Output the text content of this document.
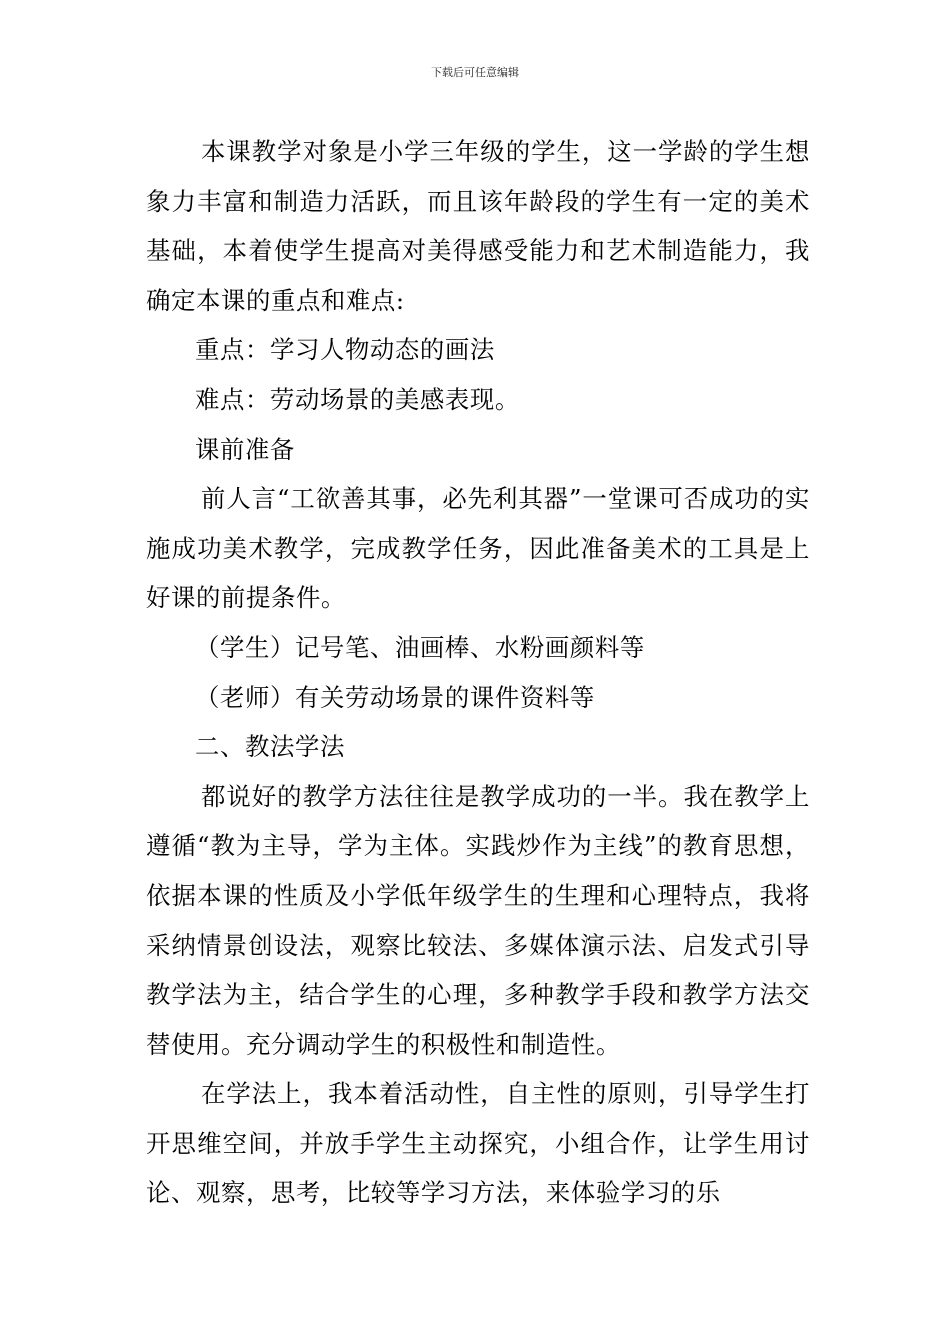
下载后可任意编辑

本课教学对象是小学三年级的学生，这一学龄的学生想象力丰富和制造力活跃，而且该年龄段的学生有一定的美术基础，本着使学生提高对美得感受能力和艺术制造能力，我确定本课的重点和难点:

重点：学习人物动态的画法

难点：劳动场景的美感表现。

课前准备

前人言“工欲善其事，必先利其器”一堂课可否成功的实施成功美术教学，完成教学任务，因此准备美术的工具是上好课的前提条件。

（学生）记号笔、油画棒、水粉画颜料等

（老师）有关劳动场景的课件资料等

二、教法学法

都说好的教学方法往往是教学成功的一半。我在教学上遵循“教为主导，学为主体。实践炒作为主线”的教育思想，依据本课的性质及小学低年级学生的生理和心理特点，我将采纳情景创设法，观察比较法、多媒体演示法、启发式引导教学法为主，结合学生的心理，多种教学手段和教学方法交替使用。充分调动学生的积极性和制造性。

在学法上，我本着活动性，自主性的原则，引导学生打开思维空间，并放手学生主动探究，小组合作，让学生用讨论、观察，思考，比较等学习方法，来体验学习的乐
